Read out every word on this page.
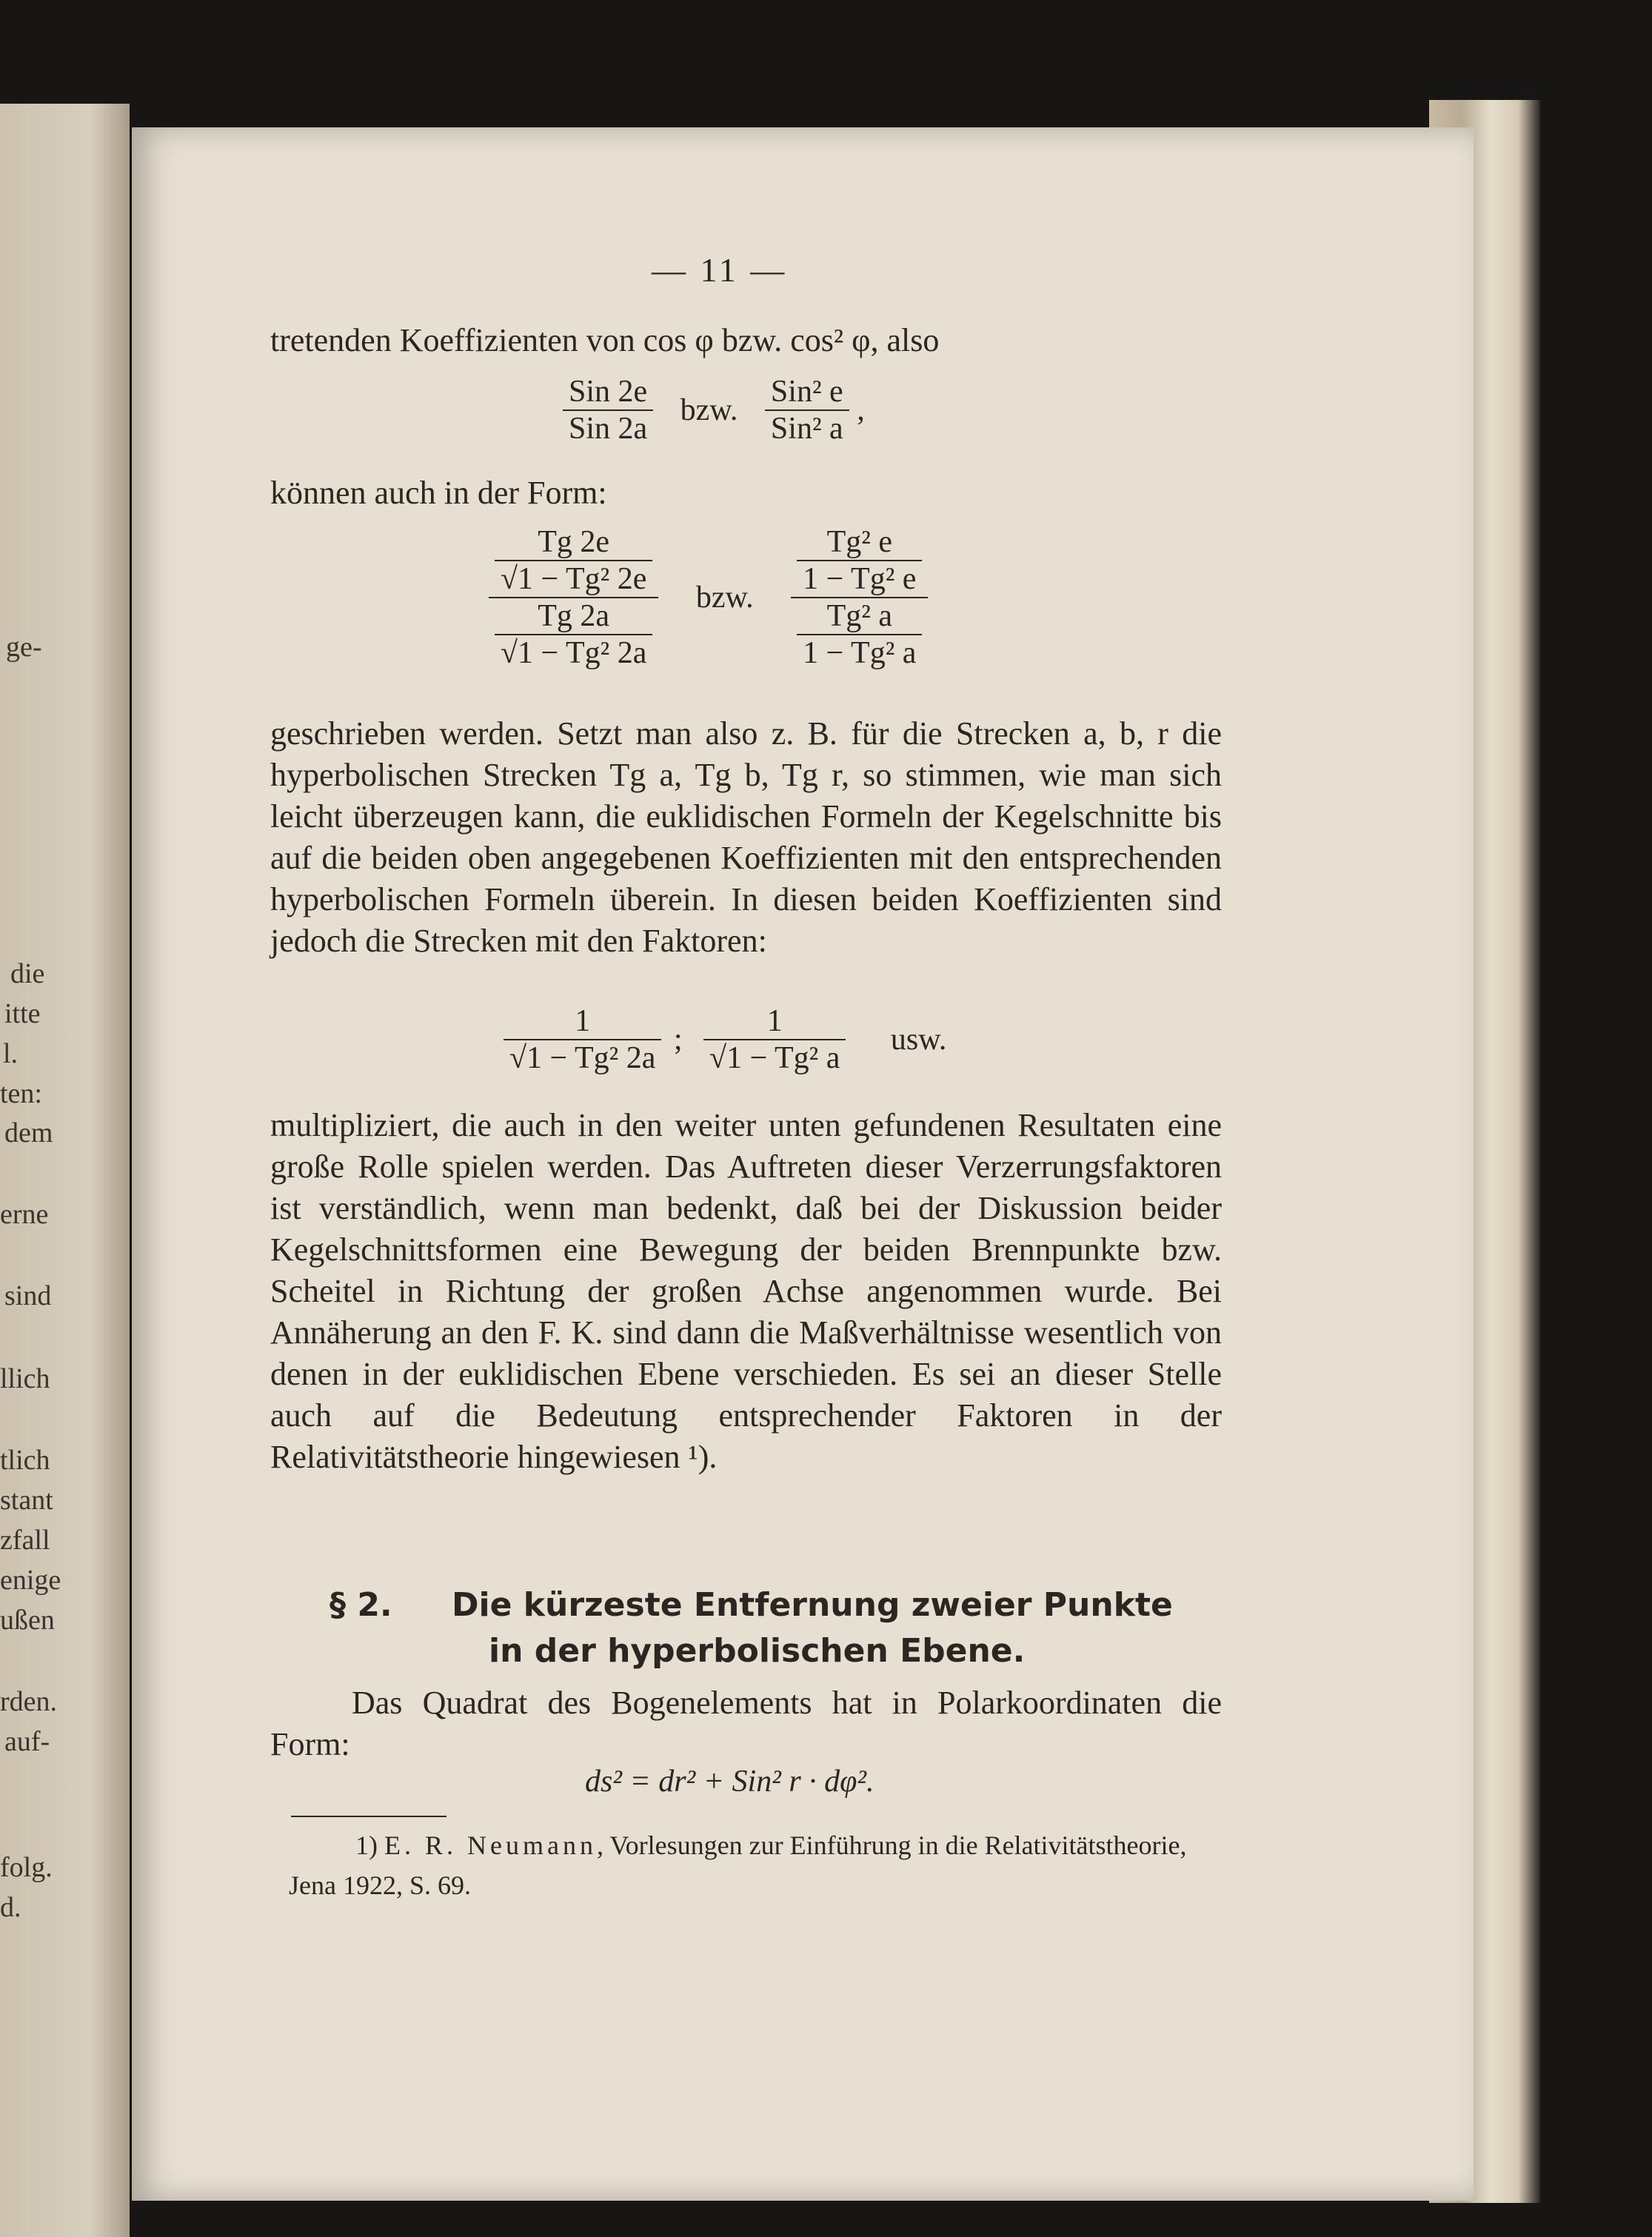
ge-
die
itte
l.
ten:
dem
erne
sind
llich
tlich
stant
zfall
enige
ußen
rden.
auf-
folg.
d.
— 11 —
tretenden Koeffizienten von cos φ bzw. cos² φ, also
$\frac{\text{Sin 2e}}{\text{Sin 2a}}$ bzw. $\frac{\text{Sin² e}}{\text{Sin² a}}$ ,
können auch in der Form:
$\frac{\frac{Tg 2e}{\text{√1 − Tg² 2e}}}{\frac{Tg 2a}{\text{√1 − Tg² 2a}}}$ bzw. $\frac{\frac{\text{Tg² e}}{\text{1 − Tg² e}}}{\frac{\text{Tg² a}}{\text{1 − Tg² a}}}$
geschrieben werden. Setzt man also z. B. für die Strecken a, b, r die hyperbolischen Strecken Tg a, Tg b, Tg r, so stimmen, wie man sich leicht überzeugen kann, die euklidischen Formeln der Kegelschnitte bis auf die beiden oben angegebenen Koeffizienten mit den entsprechenden hyperbolischen Formeln überein. In diesen beiden Koeffizienten sind jedoch die Strecken mit den Faktoren:
$\frac{1}{\text{√1 − Tg² 2a}}$ ; $\frac{1}{\text{√1 − Tg² a}}$ usw.
multipliziert, die auch in den weiter unten gefundenen Resultaten eine große Rolle spielen werden. Das Auftreten dieser Verzerrungsfaktoren ist verständlich, wenn man bedenkt, daß bei der Diskussion beider Kegelschnittsformen eine Bewegung der beiden Brennpunkte bzw. Scheitel in Richtung der großen Achse angenommen wurde. Bei Annäherung an den F. K. sind dann die Maßverhältnisse wesentlich von denen in der euklidischen Ebene verschieden. Es sei an dieser Stelle auch auf die Bedeutung entsprechender Faktoren in der Relativitätstheorie hingewiesen ¹).
§ 2. Die kürzeste Entfernung zweier Punkte
in der hyperbolischen Ebene.
Das Quadrat des Bogenelements hat in Polarkoordinaten die Form:
ds² = dr² + Sin² r · dφ².
1) E. R. Neumann, Vorlesungen zur Einführung in die Relativitätstheorie, Jena 1922, S. 69.
